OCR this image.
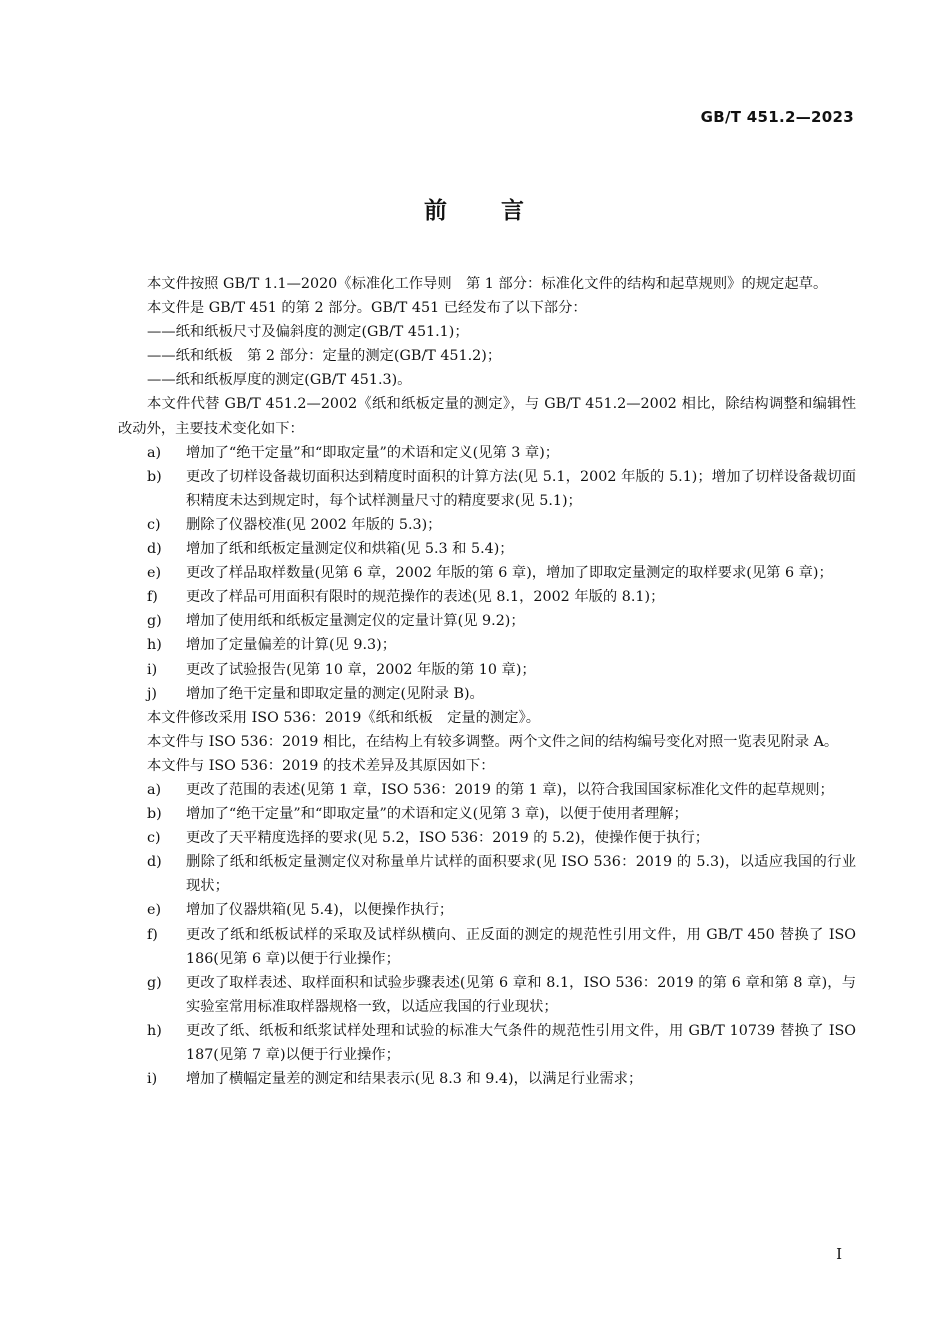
GB/T 451.2—2023
前 言

本文件按照 GB/T 1.1—2020《标准化工作导则　第 1 部分：标准化文件的结构和起草规则》的规定起草。

本文件是 GB/T 451 的第 2 部分。GB/T 451 已经发布了以下部分：

——纸和纸板尺寸及偏斜度的测定(GB/T 451.1)；

——纸和纸板　第 2 部分：定量的测定(GB/T 451.2)；

——纸和纸板厚度的测定(GB/T 451.3)。

本文件代替 GB/T 451.2—2002《纸和纸板定量的测定》，与 GB/T 451.2—2002 相比，除结构调整和编辑性改动外，主要技术变化如下：

a) 增加了“绝干定量”和“即取定量”的术语和定义(见第 3 章)；
b) 更改了切样设备裁切面积达到精度时面积的计算方法(见 5.1，2002 年版的 5.1)；增加了切样设备裁切面积精度未达到规定时，每个试样测量尺寸的精度要求(见 5.1)；
c) 删除了仪器校准(见 2002 年版的 5.3)；
d) 增加了纸和纸板定量测定仪和烘箱(见 5.3 和 5.4)；
e) 更改了样品取样数量(见第 6 章，2002 年版的第 6 章)，增加了即取定量测定的取样要求(见第 6 章)；
f) 更改了样品可用面积有限时的规范操作的表述(见 8.1，2002 年版的 8.1)；
g) 增加了使用纸和纸板定量测定仪的定量计算(见 9.2)；
h) 增加了定量偏差的计算(见 9.3)；
i) 更改了试验报告(见第 10 章，2002 年版的第 10 章)；
j) 增加了绝干定量和即取定量的测定(见附录 B)。

本文件修改采用 ISO 536：2019《纸和纸板　定量的测定》。

本文件与 ISO 536：2019 相比，在结构上有较多调整。两个文件之间的结构编号变化对照一览表见附录 A。

本文件与 ISO 536：2019 的技术差异及其原因如下：

a) 更改了范围的表述(见第 1 章，ISO 536：2019 的第 1 章)，以符合我国国家标准化文件的起草规则；
b) 增加了“绝干定量”和“即取定量”的术语和定义(见第 3 章)，以便于使用者理解；
c) 更改了天平精度选择的要求(见 5.2，ISO 536：2019 的 5.2)，使操作便于执行；
d) 删除了纸和纸板定量测定仪对称量单片试样的面积要求(见 ISO 536：2019 的 5.3)，以适应我国的行业现状；
e) 增加了仪器烘箱(见 5.4)，以便操作执行；
f) 更改了纸和纸板试样的采取及试样纵横向、正反面的测定的规范性引用文件，用 GB/T 450 替换了 ISO 186(见第 6 章)以便于行业操作；
g) 更改了取样表述、取样面积和试验步骤表述(见第 6 章和 8.1，ISO 536：2019 的第 6 章和第 8 章)，与实验室常用标准取样器规格一致，以适应我国的行业现状；
h) 更改了纸、纸板和纸浆试样处理和试验的标准大气条件的规范性引用文件，用 GB/T 10739 替换了 ISO 187(见第 7 章)以便于行业操作；
i) 增加了横幅定量差的测定和结果表示(见 8.3 和 9.4)，以满足行业需求；
I
